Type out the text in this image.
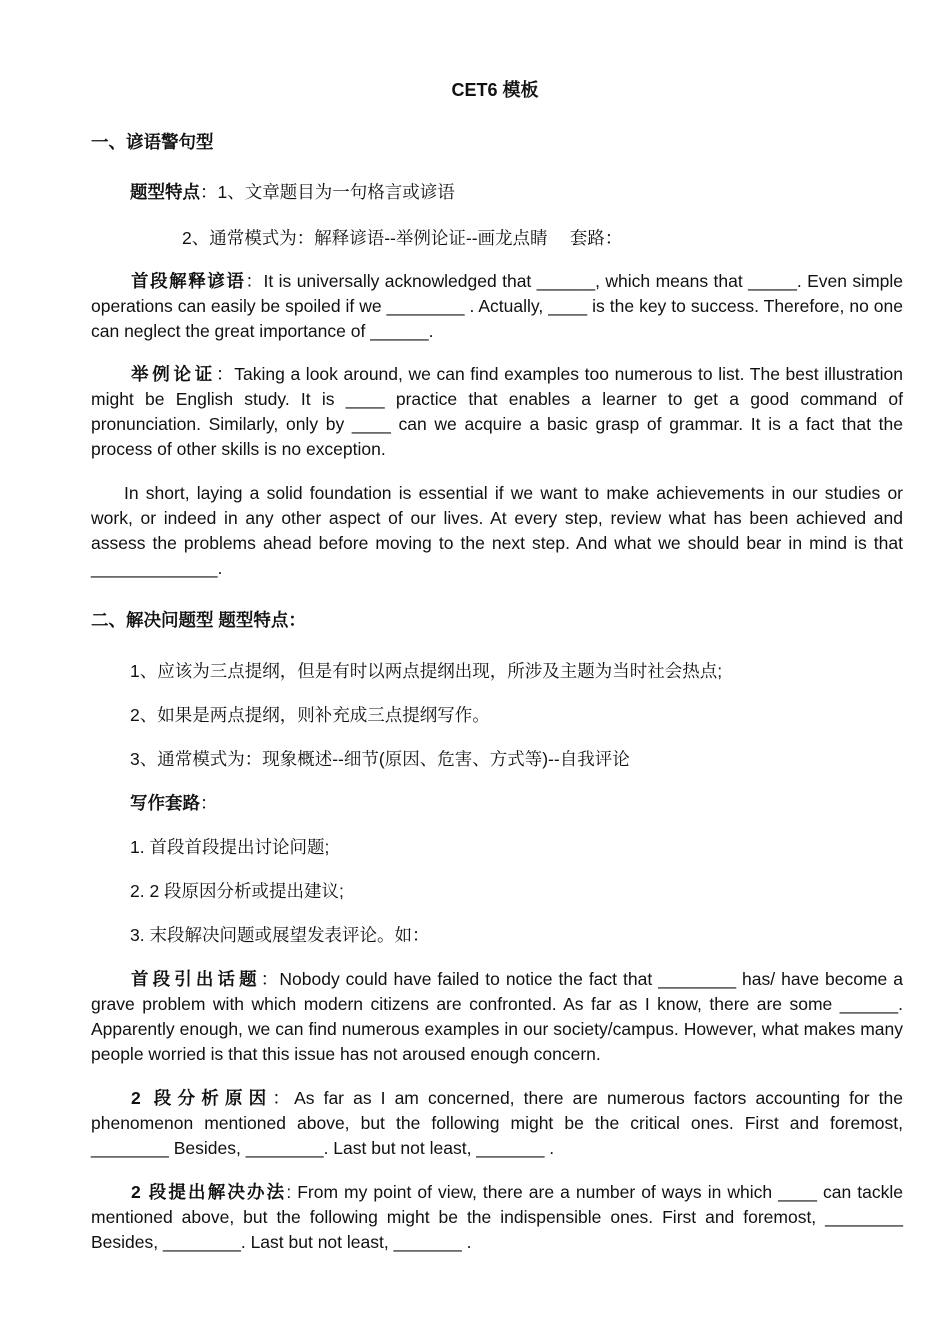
CET6 模板
一、谚语警句型
题型特点：1、文章题目为一句格言或谚语
2、通常模式为：解释谚语--举例论证--画龙点睛　 套路：
首段解释谚语：It is universally acknowledged that ______, which means that _____. Even simple operations can easily be spoiled if we ________ . Actually, ____ is the key to success. Therefore, no one can neglect the great importance of ______.
举例论证：Taking a look around, we can find examples too numerous to list. The best illustration might be English study. It is ____ practice that enables a learner to get a good command of pronunciation. Similarly, only by ____ can we acquire a basic grasp of grammar. It is a fact that the process of other skills is no exception.
In short, laying a solid foundation is essential if we want to make achievements in our studies or work, or indeed in any other aspect of our lives. At every step, review what has been achieved and assess the problems ahead before moving to the next step. And what we should bear in mind is that _____________.
二、解决问题型 题型特点：
1、应该为三点提纲，但是有时以两点提纲出现，所涉及主题为当时社会热点;
2、如果是两点提纲，则补充成三点提纲写作。
3、通常模式为：现象概述--细节(原因、危害、方式等)--自我评论
写作套路：
1. 首段首段提出讨论问题;
2. 2 段原因分析或提出建议;
3. 末段解决问题或展望发表评论。如：
首段引出话题：Nobody could have failed to notice the fact that ________ has/ have become a grave problem with which modern citizens are confronted. As far as I know, there are some ______. Apparently enough, we can find numerous examples in our society/campus. However, what makes many people worried is that this issue has not aroused enough concern.
2 段分析原因：As far as I am concerned, there are numerous factors accounting for the phenomenon mentioned above, but the following might be the critical ones. First and foremost, ________ Besides, ________. Last but not least, _______ .
2 段提出解决办法: From my point of view, there are a number of ways in which ____ can tackle mentioned above, but the following might be the indispensible ones. First and foremost, ________ Besides, ________. Last but not least, _______ .
